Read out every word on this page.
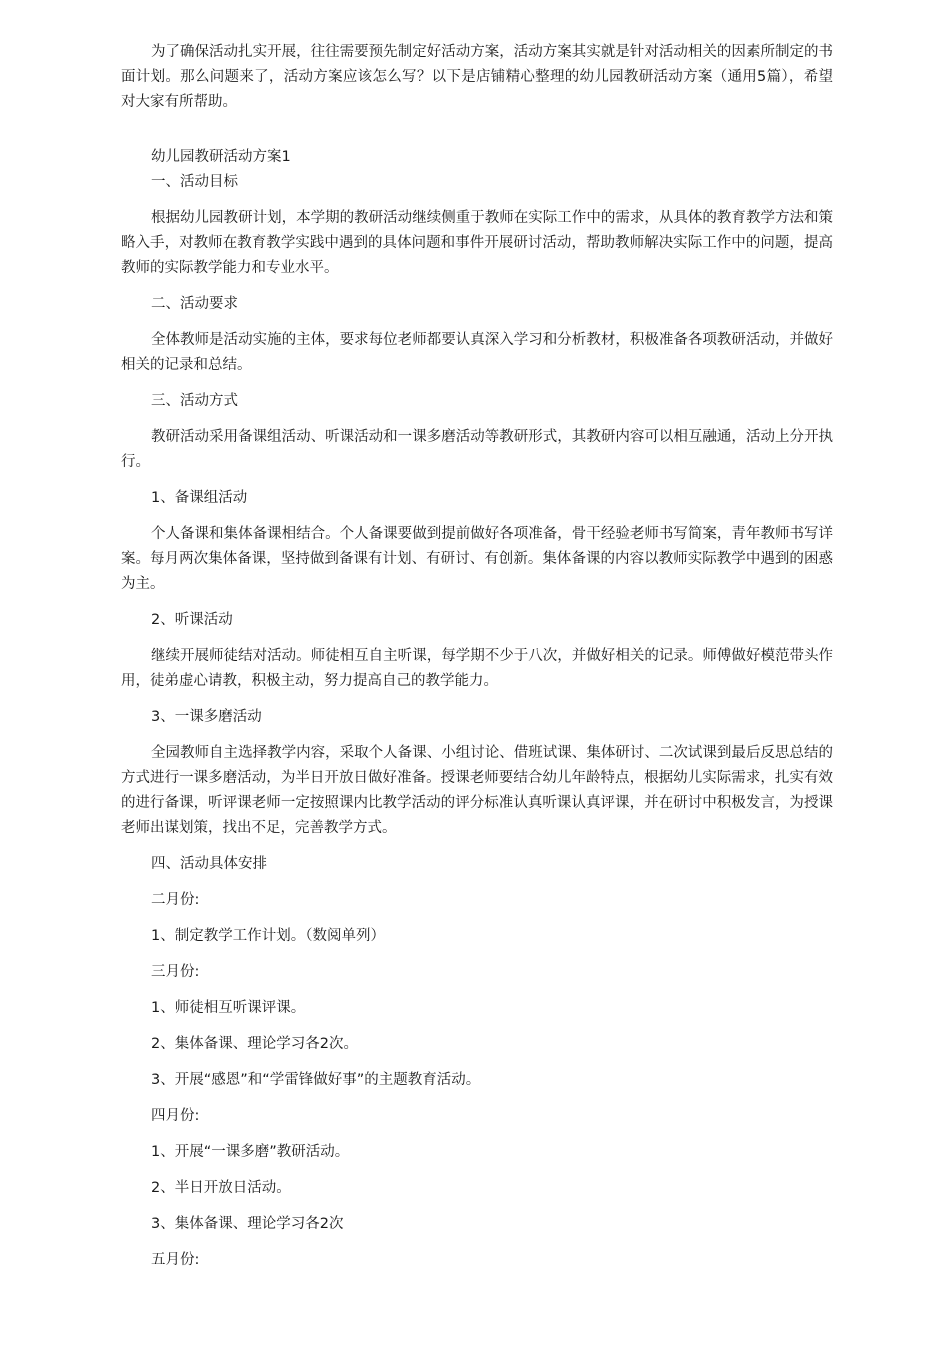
为了确保活动扎实开展，往往需要预先制定好活动方案，活动方案其实就是针对活动相关的因素所制定的书面计划。那么问题来了，活动方案应该怎么写？以下是店铺精心整理的幼儿园教研活动方案（通用5篇），希望对大家有所帮助。

幼儿园教研活动方案1

一、活动目标

根据幼儿园教研计划，本学期的教研活动继续侧重于教师在实际工作中的需求，从具体的教育教学方法和策略入手，对教师在教育教学实践中遇到的具体问题和事件开展研讨活动，帮助教师解决实际工作中的问题，提高教师的实际教学能力和专业水平。

二、活动要求

全体教师是活动实施的主体，要求每位老师都要认真深入学习和分析教材，积极准备各项教研活动，并做好相关的记录和总结。

三、活动方式

教研活动采用备课组活动、听课活动和一课多磨活动等教研形式，其教研内容可以相互融通，活动上分开执行。

1、备课组活动

个人备课和集体备课相结合。个人备课要做到提前做好各项准备，骨干经验老师书写简案，青年教师书写详案。每月两次集体备课，坚持做到备课有计划、有研讨、有创新。集体备课的内容以教师实际教学中遇到的困惑为主。

2、听课活动

继续开展师徒结对活动。师徒相互自主听课，每学期不少于八次，并做好相关的记录。师傅做好模范带头作用，徒弟虚心请教，积极主动，努力提高自己的教学能力。

3、一课多磨活动

全园教师自主选择教学内容，采取个人备课、小组讨论、借班试课、集体研讨、二次试课到最后反思总结的方式进行一课多磨活动，为半日开放日做好准备。授课老师要结合幼儿年龄特点，根据幼儿实际需求，扎实有效的进行备课，听评课老师一定按照课内比教学活动的评分标准认真听课认真评课，并在研讨中积极发言，为授课老师出谋划策，找出不足，完善教学方式。

四、活动具体安排

二月份:

1、制定教学工作计划。（数阅单列）

三月份:

1、师徒相互听课评课。

2、集体备课、理论学习各2次。

3、开展“感恩”和“学雷锋做好事”的主题教育活动。

四月份:

1、开展“一课多磨”教研活动。

2、半日开放日活动。

3、集体备课、理论学习各2次

五月份:
